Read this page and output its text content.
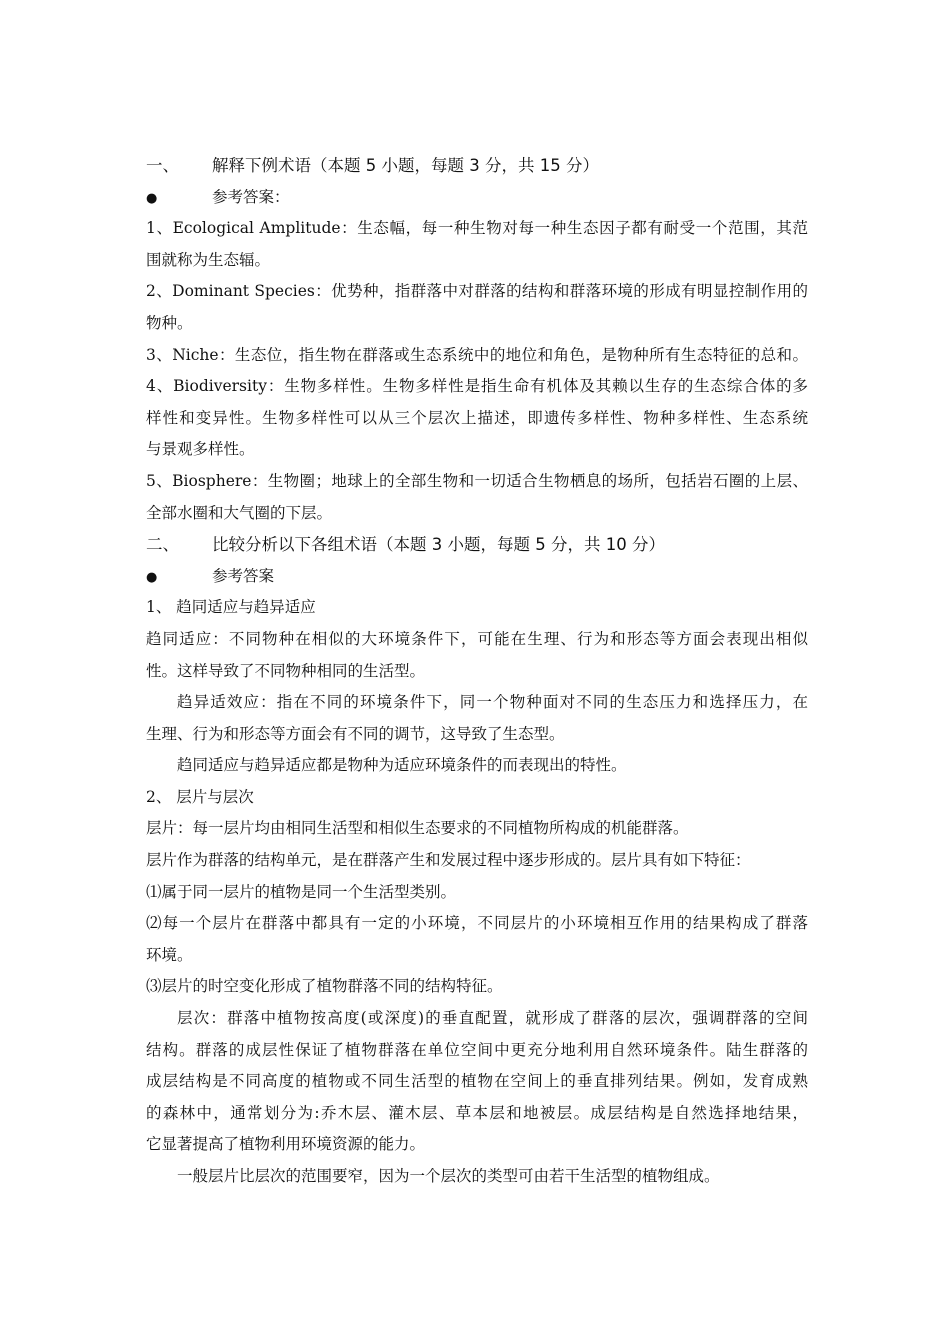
一、 解释下例术语（本题 5 小题，每题 3 分，共 15 分）
●	参考答案：
1、Ecological Amplitude：生态幅，每一种生物对每一种生态因子都有耐受一个范围，其范
围就称为生态辐。
2、Dominant Species：优势种，指群落中对群落的结构和群落环境的形成有明显控制作用的
物种。
3、Niche：生态位，指生物在群落或生态系统中的地位和角色，是物种所有生态特征的总和。
4、Biodiversity：生物多样性。生物多样性是指生命有机体及其赖以生存的生态综合体的多
样性和变异性。生物多样性可以从三个层次上描述，即遗传多样性、物种多样性、生态系统
与景观多样性。
5、Biosphere：生物圈；地球上的全部生物和一切适合生物栖息的场所，包括岩石圈的上层、
全部水圈和大气圈的下层。
二、 比较分析以下各组术语（本题 3 小题，每题 5 分，共 10 分）
●	参考答案
1、 趋同适应与趋异适应
趋同适应：不同物种在相似的大环境条件下，可能在生理、行为和形态等方面会表现出相似
性。这样导致了不同物种相同的生活型。
趋异适效应：指在不同的环境条件下，同一个物种面对不同的生态压力和选择压力，在
生理、行为和形态等方面会有不同的调节，这导致了生态型。
趋同适应与趋异适应都是物种为适应环境条件的而表现出的特性。
2、 层片与层次
层片：每一层片均由相同生活型和相似生态要求的不同植物所构成的机能群落。
层片作为群落的结构单元，是在群落产生和发展过程中逐步形成的。层片具有如下特征：
⑴属于同一层片的植物是同一个生活型类别。
⑵每一个层片在群落中都具有一定的小环境，不同层片的小环境相互作用的结果构成了群落
环境。
⑶层片的时空变化形成了植物群落不同的结构特征。
层次：群落中植物按高度(或深度)的垂直配置，就形成了群落的层次，强调群落的空间
结构。群落的成层性保证了植物群落在单位空间中更充分地利用自然环境条件。陆生群落的
成层结构是不同高度的植物或不同生活型的植物在空间上的垂直排列结果。例如，发育成熟
的森林中，通常划分为:乔木层、灌木层、草本层和地被层。成层结构是自然选择地结果，
它显著提高了植物利用环境资源的能力。
一般层片比层次的范围要窄，因为一个层次的类型可由若干生活型的植物组成。
